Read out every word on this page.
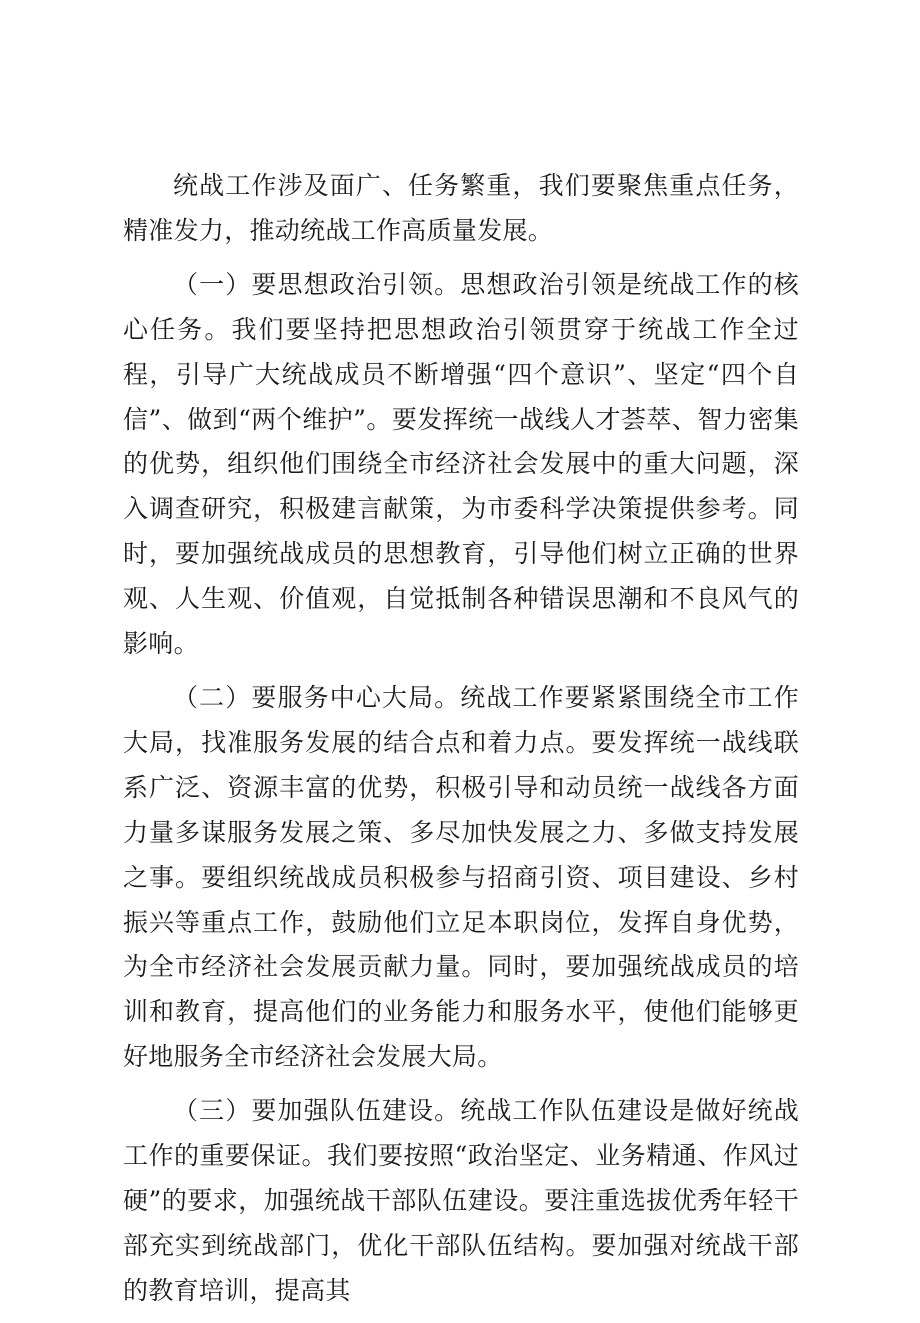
统战工作涉及面广、任务繁重，我们要聚焦重点任务，精准发力，推动统战工作高质量发展。

（一）要思想政治引领。思想政治引领是统战工作的核心任务。我们要坚持把思想政治引领贯穿于统战工作全过程，引导广大统战成员不断增强“四个意识”、坚定“四个自信”、做到“两个维护”。要发挥统一战线人才荟萃、智力密集的优势，组织他们围绕全市经济社会发展中的重大问题，深入调查研究，积极建言献策，为市委科学决策提供参考。同时，要加强统战成员的思想教育，引导他们树立正确的世界观、人生观、价值观，自觉抵制各种错误思潮和不良风气的影响。

（二）要服务中心大局。统战工作要紧紧围绕全市工作大局，找准服务发展的结合点和着力点。要发挥统一战线联系广泛、资源丰富的优势，积极引导和动员统一战线各方面力量多谋服务发展之策、多尽加快发展之力、多做支持发展之事。要组织统战成员积极参与招商引资、项目建设、乡村振兴等重点工作，鼓励他们立足本职岗位，发挥自身优势，为全市经济社会发展贡献力量。同时，要加强统战成员的培训和教育，提高他们的业务能力和服务水平，使他们能够更好地服务全市经济社会发展大局。

（三）要加强队伍建设。统战工作队伍建设是做好统战工作的重要保证。我们要按照“政治坚定、业务精通、作风过硬”的要求，加强统战干部队伍建设。要注重选拔优秀年轻干部充实到统战部门，优化干部队伍结构。要加强对统战干部的教育培训，提高其
